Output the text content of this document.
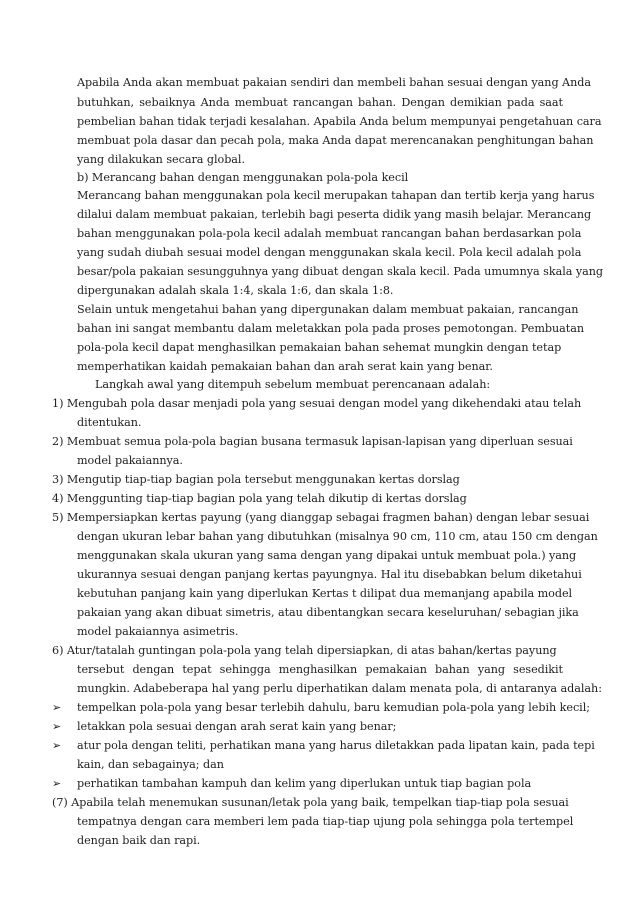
Apabila Anda akan membuat pakaian sendiri dan membeli bahan sesuai dengan yang Anda
butuhkan, sebaiknya Anda membuat rancangan bahan. Dengan demikian pada saat
pembelian bahan tidak terjadi kesalahan. Apabila Anda belum mempunyai pengetahuan cara
membuat pola dasar dan pecah pola, maka Anda dapat merencanakan penghitungan bahan
yang dilakukan secara global.
b) Merancang bahan dengan menggunakan pola-pola kecil
Merancang bahan menggunakan pola kecil merupakan tahapan dan tertib kerja yang harus
dilalui dalam membuat pakaian, terlebih bagi peserta didik yang masih belajar. Merancang
bahan menggunakan pola-pola kecil adalah membuat rancangan bahan berdasarkan pola
yang sudah diubah sesuai model dengan menggunakan skala kecil. Pola kecil adalah pola
besar/pola pakaian sesungguhnya yang dibuat dengan skala kecil. Pada umumnya skala yang
dipergunakan adalah skala 1:4, skala 1:6, dan skala 1:8.
Selain untuk mengetahui bahan yang dipergunakan dalam membuat pakaian, rancangan
bahan ini sangat membantu dalam meletakkan pola pada proses pemotongan. Pembuatan
pola-pola kecil dapat menghasilkan pemakaian bahan sehemat mungkin dengan tetap
memperhatikan kaidah pemakaian bahan dan arah serat kain yang benar.
Langkah awal yang ditempuh sebelum membuat perencanaan adalah:
1) Mengubah pola dasar menjadi pola yang sesuai dengan model yang dikehendaki atau telah
ditentukan.
2) Membuat semua pola-pola bagian busana termasuk lapisan-lapisan yang diperluan sesuai
model pakaiannya.
3) Mengutip tiap-tiap bagian pola tersebut menggunakan kertas dorslag
4) Menggunting tiap-tiap bagian pola yang telah dikutip di kertas dorslag
5) Mempersiapkan kertas payung (yang dianggap sebagai fragmen bahan) dengan lebar sesuai
dengan ukuran lebar bahan yang dibutuhkan (misalnya 90 cm, 110 cm, atau 150 cm dengan
menggunakan skala ukuran yang sama dengan yang dipakai untuk membuat pola.) yang
ukurannya sesuai dengan panjang kertas payungnya. Hal itu disebabkan belum diketahui
kebutuhan panjang kain yang diperlukan Kertas t dilipat dua memanjang apabila model
pakaian yang akan dibuat simetris, atau dibentangkan secara keseluruhan/ sebagian jika
model pakaiannya asimetris.
6) Atur/tatalah guntingan pola-pola yang telah dipersiapkan, di atas bahan/kertas payung
tersebut dengan tepat sehingga menghasilkan pemakaian bahan yang sesedikit
mungkin. Adabeberapa hal yang perlu diperhatikan dalam menata pola, di antaranya adalah:
➢ tempelkan pola-pola yang besar terlebih dahulu, baru kemudian pola-pola yang lebih kecil;
➢ letakkan pola sesuai dengan arah serat kain yang benar;
➢ atur pola dengan teliti, perhatikan mana yang harus diletakkan pada lipatan kain, pada tepi
kain, dan sebagainya; dan
➢ perhatikan tambahan kampuh dan kelim yang diperlukan untuk tiap bagian pola
(7) Apabila telah menemukan susunan/letak pola yang baik, tempelkan tiap-tiap pola sesuai
tempatnya dengan cara memberi lem pada tiap-tiap ujung pola sehingga pola tertempel
dengan baik dan rapi.
